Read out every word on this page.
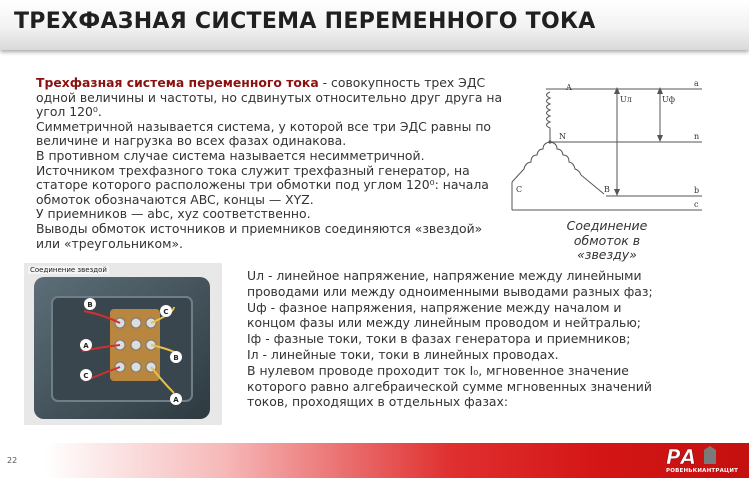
ТРЕХФАЗНАЯ СИСТЕМА ПЕРЕМЕННОГО ТОКА

Трехфазная система переменного тока - совокупность трех ЭДС одной величины и частоты, но сдвинутых относительно друг друга на угол 120⁰.

Симметричной называется система, у которой все три ЭДС равны по величине и нагрузка во всех фазах одинакова.

В противном случае система называется несимметричной.

Источником трехфазного тока служит трехфазный генератор, на статоре которого расположены три обмотки под углом 120⁰: начала обмоток обозначаются ABC, концы — XYZ.

У приемников — abc, xyz соответственно.

Выводы обмоток источников и приемников соединяются «звездой» или «треугольником».

A
N
B
C
a
n
b
c
Uл	Uф
Соединение обмоток в «звезду»
B
C
A
C
B
A
Соединение звездой	Uл - линейное напряжение, напряжение между линейными проводами или между одноименными выводами разных фаз;

Uф - фазное напряжения, напряжение между началом и концом фазы или между линейным проводом и нейтралью;

Iф - фазные токи, токи в фазах генератора и приемников;

Iл - линейные токи, токи в линейных проводах.

В нулевом проводе проходит ток I₀, мгновенное значение которого равно алгебраической сумме мгновенных значений токов, проходящих в отдельных фазах:

22	РА
РОВЕНЬКИАНТРАЦИТ
